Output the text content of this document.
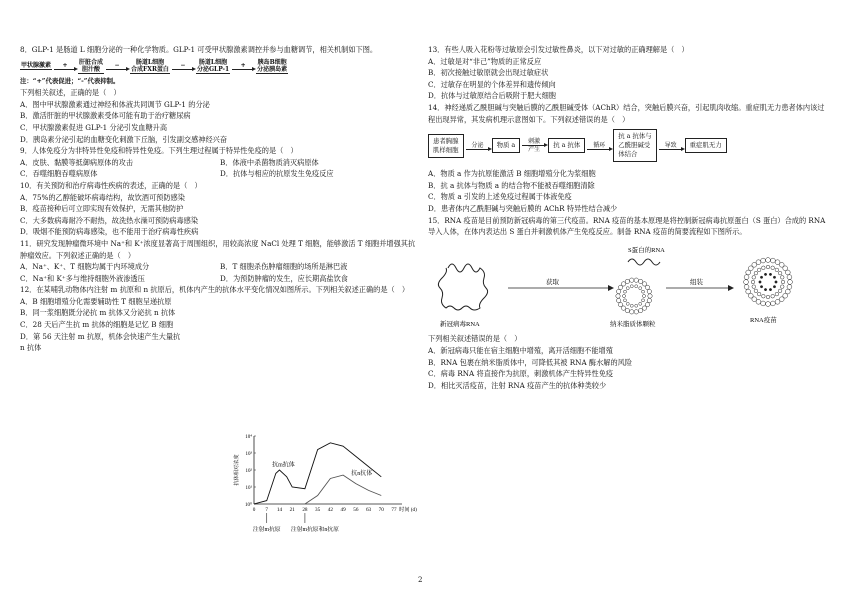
8．GLP-1 是肠道 L 细胞分泌的一种化学物质。GLP-1 可受甲状腺激素调控并参与血糖调节，相关机制如下图。

甲状腺激素 + 肝脏合成
胆汁酸	−	肠道L细胞
合成FXR蛋白 −	肠道L细胞
分泌GLP-1 + 胰岛B细胞
分泌胰岛素

注：“+”代表促进；“-”代表抑制。

下列相关叙述，正确的是（　）

A．图中甲状腺激素通过神经和体液共同调节 GLP-1 的分泌

B．激活肝脏的甲状腺激素受体可能有助于治疗糖尿病

C．甲状腺激素促进 GLP-1 分泌引发血糖升高

D．胰岛素分泌引起的血糖变化刺激下丘脑，引发副交感神经兴奋

9．人体免疫分为非特异性免疫和特异性免疫。下列生理过程属于特异性免疫的是（　）

A．皮肤、黏膜等抵御病原体的攻击	B．体液中杀菌物质消灭病原体

C．吞噬细胞吞噬病原体	D．抗体与相应的抗原发生免疫反应

10．有关预防和治疗病毒性疾病的表述，正确的是（　）

A．75%的乙醇能破坏病毒结构，故饮酒可预防感染

B．疫苗接种后可立即实现有效保护，无需其他防护

C．大多数病毒耐冷不耐热，故洗热水澡可预防病毒感染

D．吸烟不能预防病毒感染，也不能用于治疗病毒性疾病

11．研究发现肿瘤微环境中 Na⁺和 K⁺浓度显著高于周围组织，用较高浓度 NaCl 处理 T 细胞，能够激活 T 细胞并增强其抗肿瘤效应。下列叙述正确的是（　）

A．Na⁺、K⁺、T 细胞均属于内环境成分	B．T 细胞杀伤肿瘤细胞的场所是淋巴液

C．Na⁺和 K⁺多与维持细胞外液渗透压	D．为预防肿瘤的发生，应长期高盐饮食

12．在某哺乳动物体内注射 m 抗原和 n 抗原后，机体内产生的抗体水平变化情况如图所示。下列相关叙述正确的是（　）

A．B 细胞增殖分化需要辅助性 T 细胞呈递抗原

B．同一浆细胞既分泌抗 m 抗体又分泌抗 n 抗体

C．28 天后产生抗 m 抗体的细胞是记忆 B 细胞

D．第 56 天注射 m 抗原，机体会快速产生大量抗

n 抗体

10⁴
10³
10²
10¹
10⁰
0 7 14 21 28 35 42 49 56 63 70 77 时间 (d)
抗体相对浓度	抗m抗体
抗n抗体
注射m抗原 注射m抗原和n抗原

13．有些人吸入花粉等过敏原会引发过敏性鼻炎，以下对过敏的正确理解是（　）

A．过敏是对“非己”物质的正常反应

B．初次接触过敏原就会出现过敏症状

C．过敏存在明显的个体差异和遗传倾向

D．抗体与过敏原结合后吸附于肥大细胞

14．神经递质乙酰胆碱与突触后膜的乙酰胆碱受体（AChR）结合，突触后膜兴奋，引起肌肉收缩。重症肌无力患者体内该过程出现异常，其发病机理示意图如下。下列叙述错误的是（　）

患者胸腺
肌样细胞
分泌	物质 a	刺激
产生
抗 a 抗体	循环
抗 a 抗体与
乙酰胆碱受
体结合
导致	重症肌无力

A．物质 a 作为抗原能激活 B 细胞增殖分化为浆细胞

B．抗 a 抗体与物质 a 的结合物不能被吞噬细胞清除

C．物质 a 引发的上述免疫过程属于体液免疫

D．患者体内乙酰胆碱与突触后膜的 AChR 特异性结合减少

15．RNA 疫苗是目前预防新冠病毒的第三代疫苗。RNA 疫苗的基本原理是将控制新冠病毒抗原蛋白（S 蛋白）合成的 RNA 导入人体，在体内表达出 S 蛋白并刺激机体产生免疫反应。制备 RNA 疫苗的简要流程如下图所示。

新冠病毒RNA
获取
S蛋白的RNA
纳米脂质体颗粒
组装
RNA疫苗

下列相关叙述错误的是（　）

A．新冠病毒只能在宿主细胞中增殖，离开活细胞不能增殖

B．RNA 包裹在纳米脂质体中，可降低其被 RNA 酶水解的风险

C．病毒 RNA 将直接作为抗原，刺激机体产生特异性免疫

D．相比灭活疫苗，注射 RNA 疫苗产生的抗体种类较少

2
